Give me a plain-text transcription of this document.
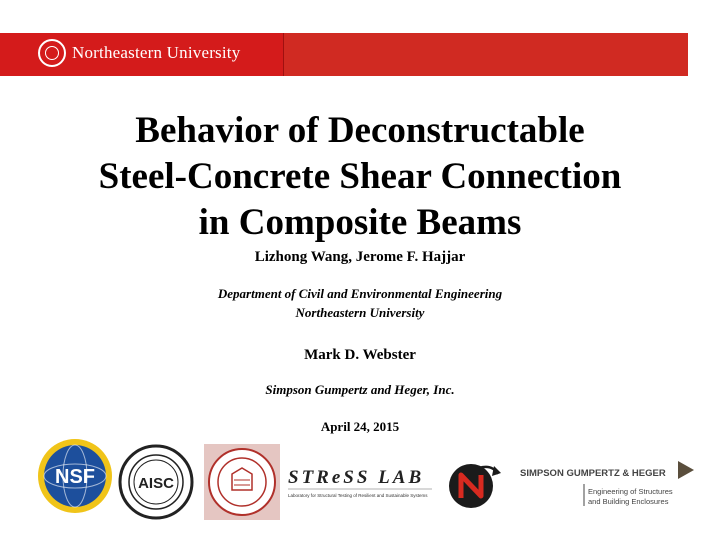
Northeastern University
Behavior of Deconstructable
Steel-Concrete Shear Connection
in Composite Beams
Lizhong Wang, Jerome F. Hajjar
Department of Civil and Environmental Engineering
Northeastern University
Mark D. Webster
Simpson Gumpertz and Heger, Inc.
April 24, 2015
NSF	AISC	STReSS LAB
Laboratory for Structural Testing of Resilient and Sustainable Systems
SIMPSON GUMPERTZ & HEGER
Engineering of Structures
and Building Enclosures
